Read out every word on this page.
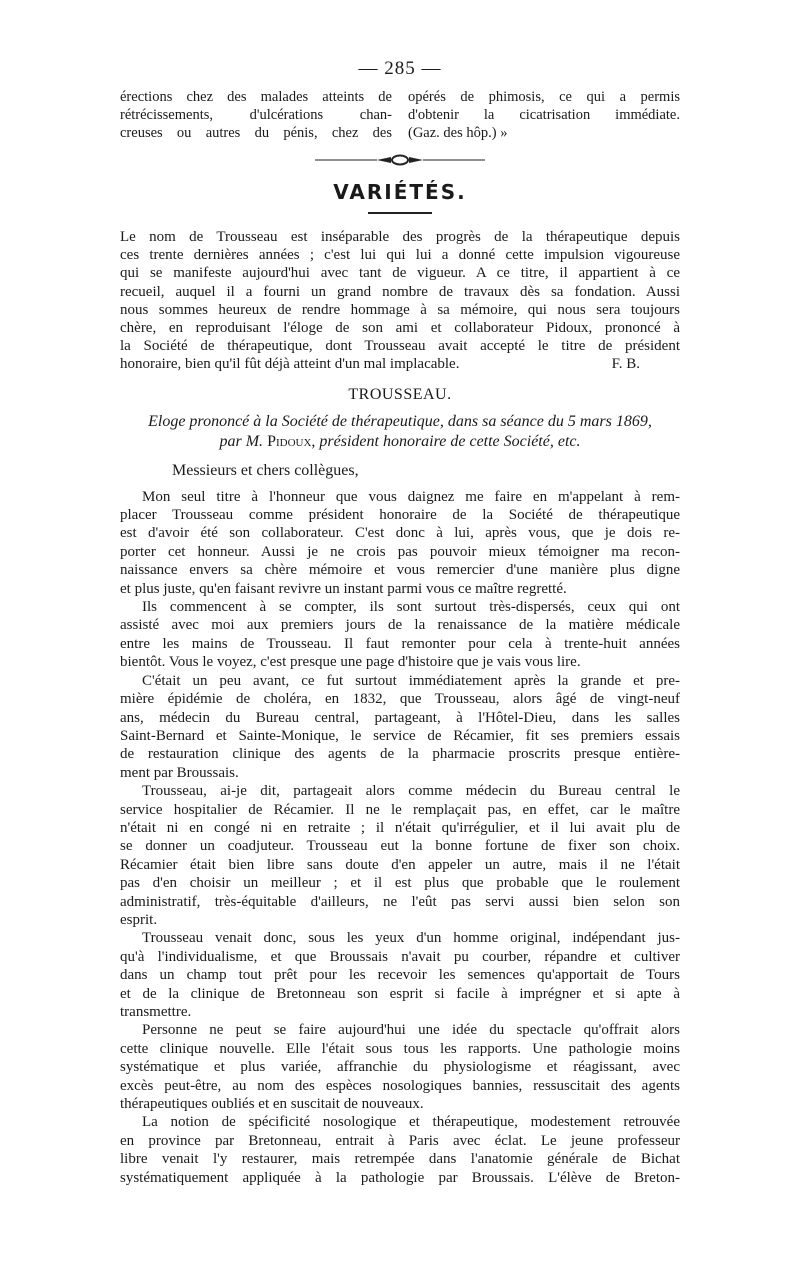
— 285 —
érections chez des malades atteints de
rétrécissements, d'ulcérations chan-
creuses ou autres du pénis, chez des
opérés de phimosis, ce qui a permis
d'obtenir la cicatrisation immédiate.
(Gaz. des hôp.) »
VARIÉTÉS.
Le nom de Trousseau est inséparable des progrès de la thérapeutique depuis
ces trente dernières années ; c'est lui qui lui a donné cette impulsion vigoureuse
qui se manifeste aujourd'hui avec tant de vigueur. A ce titre, il appartient à ce
recueil, auquel il a fourni un grand nombre de travaux dès sa fondation. Aussi
nous sommes heureux de rendre hommage à sa mémoire, qui nous sera toujours
chère, en reproduisant l'éloge de son ami et collaborateur Pidoux, prononcé à
la Société de thérapeutique, dont Trousseau avait accepté le titre de président
honoraire, bien qu'il fût déjà atteint d'un mal implacable.	F. B.
TROUSSEAU.
Eloge prononcé à la Société de thérapeutique, dans sa séance du 5 mars 1869,
par M. Pidoux, président honoraire de cette Société, etc.
Messieurs et chers collègues,
Mon seul titre à l'honneur que vous daignez me faire en m'appelant à rem-
placer Trousseau comme président honoraire de la Société de thérapeutique
est d'avoir été son collaborateur. C'est donc à lui, après vous, que je dois re-
porter cet honneur. Aussi je ne crois pas pouvoir mieux témoigner ma recon-
naissance envers sa chère mémoire et vous remercier d'une manière plus digne
et plus juste, qu'en faisant revivre un instant parmi vous ce maître regretté.
Ils commencent à se compter, ils sont surtout très-dispersés, ceux qui ont
assisté avec moi aux premiers jours de la renaissance de la matière médicale
entre les mains de Trousseau. Il faut remonter pour cela à trente-huit années
bientôt. Vous le voyez, c'est presque une page d'histoire que je vais vous lire.
C'était un peu avant, ce fut surtout immédiatement après la grande et pre-
mière épidémie de choléra, en 1832, que Trousseau, alors âgé de vingt-neuf
ans, médecin du Bureau central, partageant, à l'Hôtel-Dieu, dans les salles
Saint-Bernard et Sainte-Monique, le service de Récamier, fit ses premiers essais
de restauration clinique des agents de la pharmacie proscrits presque entière-
ment par Broussais.
Trousseau, ai-je dit, partageait alors comme médecin du Bureau central le
service hospitalier de Récamier. Il ne le remplaçait pas, en effet, car le maître
n'était ni en congé ni en retraite ; il n'était qu'irrégulier, et il lui avait plu de
se donner un coadjuteur. Trousseau eut la bonne fortune de fixer son choix.
Récamier était bien libre sans doute d'en appeler un autre, mais il ne l'était
pas d'en choisir un meilleur ; et il est plus que probable que le roulement
administratif, très-équitable d'ailleurs, ne l'eût pas servi aussi bien selon son
esprit.
Trousseau venait donc, sous les yeux d'un homme original, indépendant jus-
qu'à l'individualisme, et que Broussais n'avait pu courber, répandre et cultiver
dans un champ tout prêt pour les recevoir les semences qu'apportait de Tours
et de la clinique de Bretonneau son esprit si facile à imprégner et si apte à
transmettre.
Personne ne peut se faire aujourd'hui une idée du spectacle qu'offrait alors
cette clinique nouvelle. Elle l'était sous tous les rapports. Une pathologie moins
systématique et plus variée, affranchie du physiologisme et réagissant, avec
excès peut-être, au nom des espèces nosologiques bannies, ressuscitait des agents
thérapeutiques oubliés et en suscitait de nouveaux.
La notion de spécificité nosologique et thérapeutique, modestement retrouvée
en province par Bretonneau, entrait à Paris avec éclat. Le jeune professeur
libre venait l'y restaurer, mais retrempée dans l'anatomie générale de Bichat
systématiquement appliquée à la pathologie par Broussais. L'élève de Breton-
